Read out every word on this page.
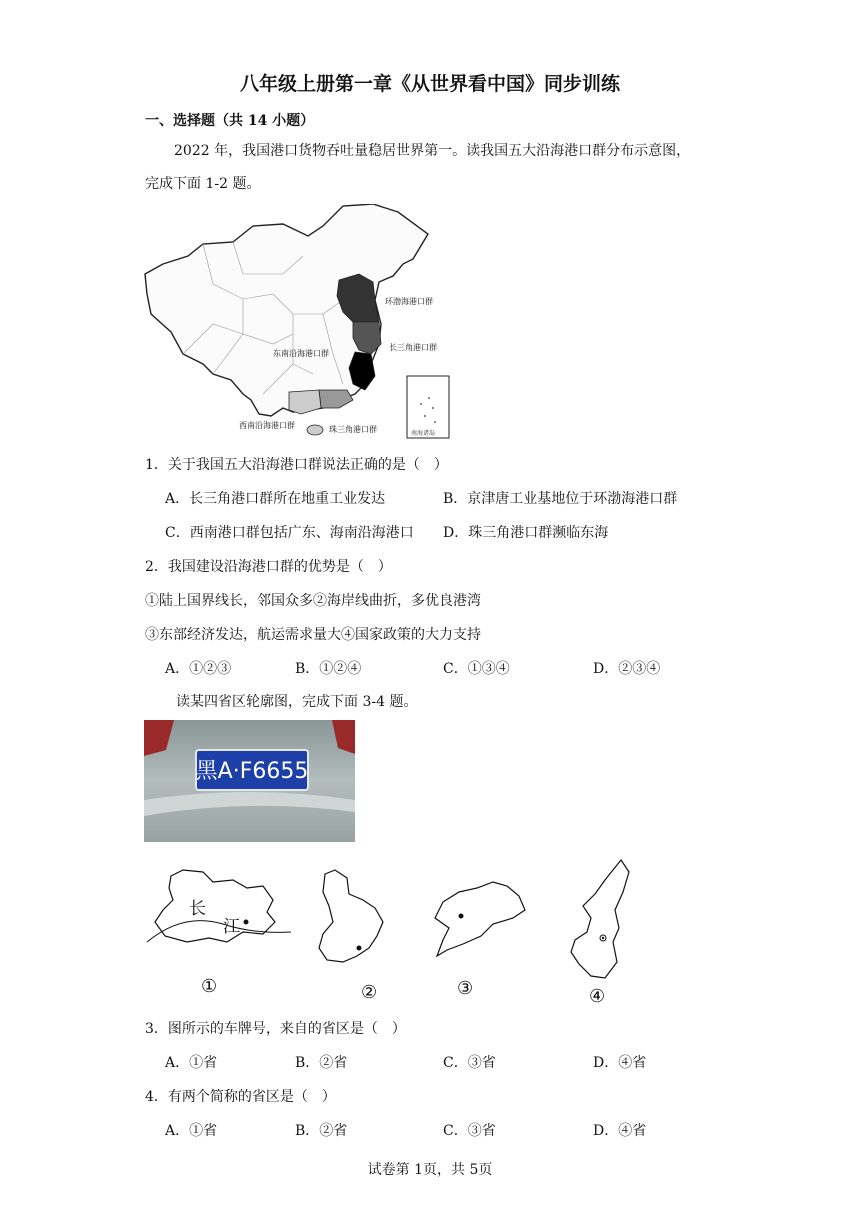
八年级上册第一章《从世界看中国》同步训练
一、选择题（共 14 小题）
2022 年，我国港口货物吞吐量稳居世界第一。读我国五大沿海港口群分布示意图，
完成下面 1-2 题。
环渤海港口群
长三角港口群
东南沿海港口群
西南沿海港口群	珠三角港口群	南海诸岛
1．关于我国五大沿海港口群说法正确的是（　）
A．长三角港口群所在地重工业发达	B．京津唐工业基地位于环渤海港口群
C．西南港口群包括广东、海南沿海港口 D．珠三角港口群濒临东海
2．我国建设沿海港口群的优势是（　）
①陆上国界线长，邻国众多②海岸线曲折，多优良港湾
③东部经济发达，航运需求量大④国家政策的大力支持
A．①②③	B．①②④	C．①③④	D．②③④
读某四省区轮廓图，完成下面 3-4 题。
黑A·F6655
长
江
①	②	③	④
3．图所示的车牌号，来自的省区是（　）
A．①省	B．②省	C．③省	D．④省
4．有两个简称的省区是（　）
A．①省	B．②省	C．③省	D．④省
试卷第 1页，共 5页
